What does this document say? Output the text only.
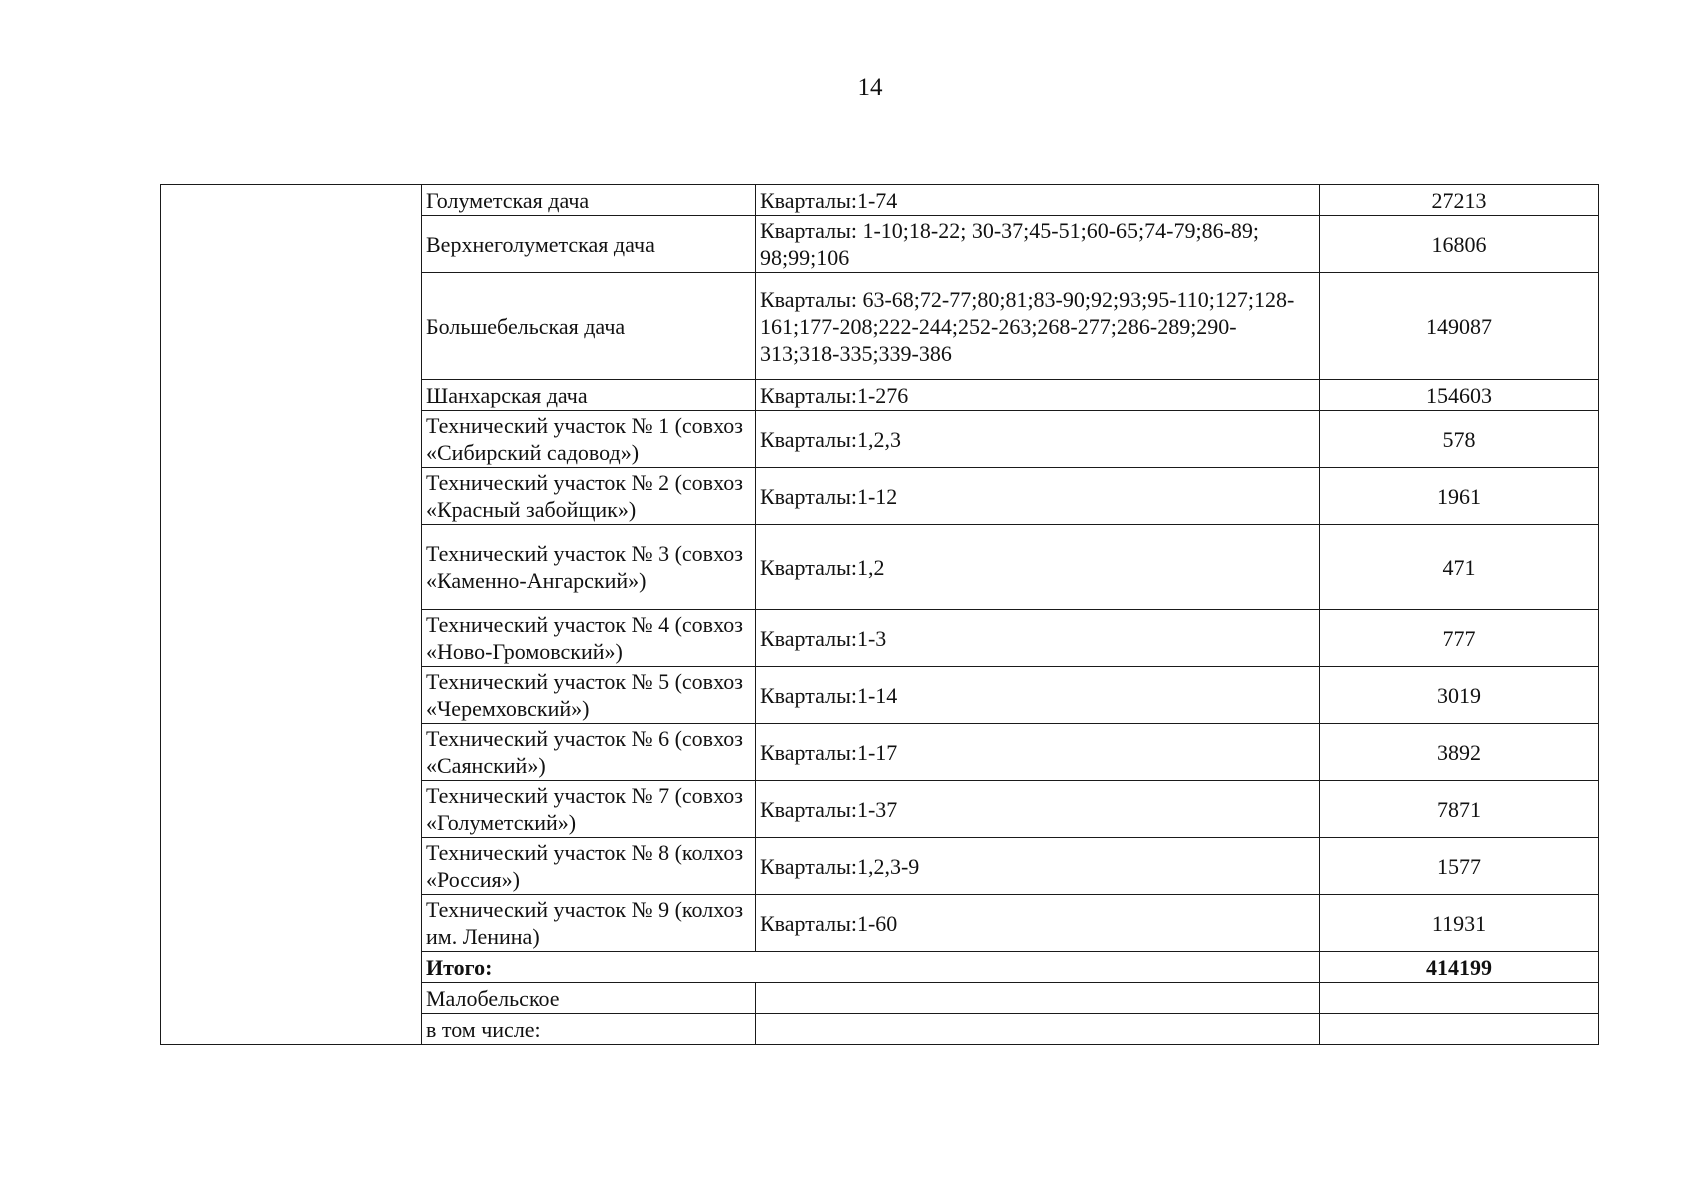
14
	Голуметская дача	Кварталы:1-74	27213
	Верхнеголуметская дача	Кварталы: 1-10;18-22; 30-37;45-51;60-65;74-79;86-89; 98;99;106	16806
	Большебельская дача	Кварталы: 63-68;72-77;80;81;83-90;92;93;95-110;127;128-161;177-208;222-244;252-263;268-277;286-289;290-313;318-335;339-386	149087
	Шанхарская дача	Кварталы:1-276	154603
	Технический участок № 1 (совхоз «Сибирский садовод»)	Кварталы:1,2,3	578
	Технический участок № 2 (совхоз «Красный забойщик»)	Кварталы:1-12	1961
	Технический участок № 3 (совхоз «Каменно-Ангарский»)	Кварталы:1,2	471
	Технический участок № 4 (совхоз «Ново-Громовский»)	Кварталы:1-3	777
	Технический участок № 5 (совхоз «Черемховский»)	Кварталы:1-14	3019
	Технический участок № 6 (совхоз «Саянский»)	Кварталы:1-17	3892
	Технический участок № 7 (совхоз «Голуметский»)	Кварталы:1-37	7871
	Технический участок № 8 (колхоз «Россия»)	Кварталы:1,2,3-9	1577
	Технический участок № 9 (колхоз им. Ленина)	Кварталы:1-60	11931
	Итого:		414199
	Малобельское		
	в том числе:		
